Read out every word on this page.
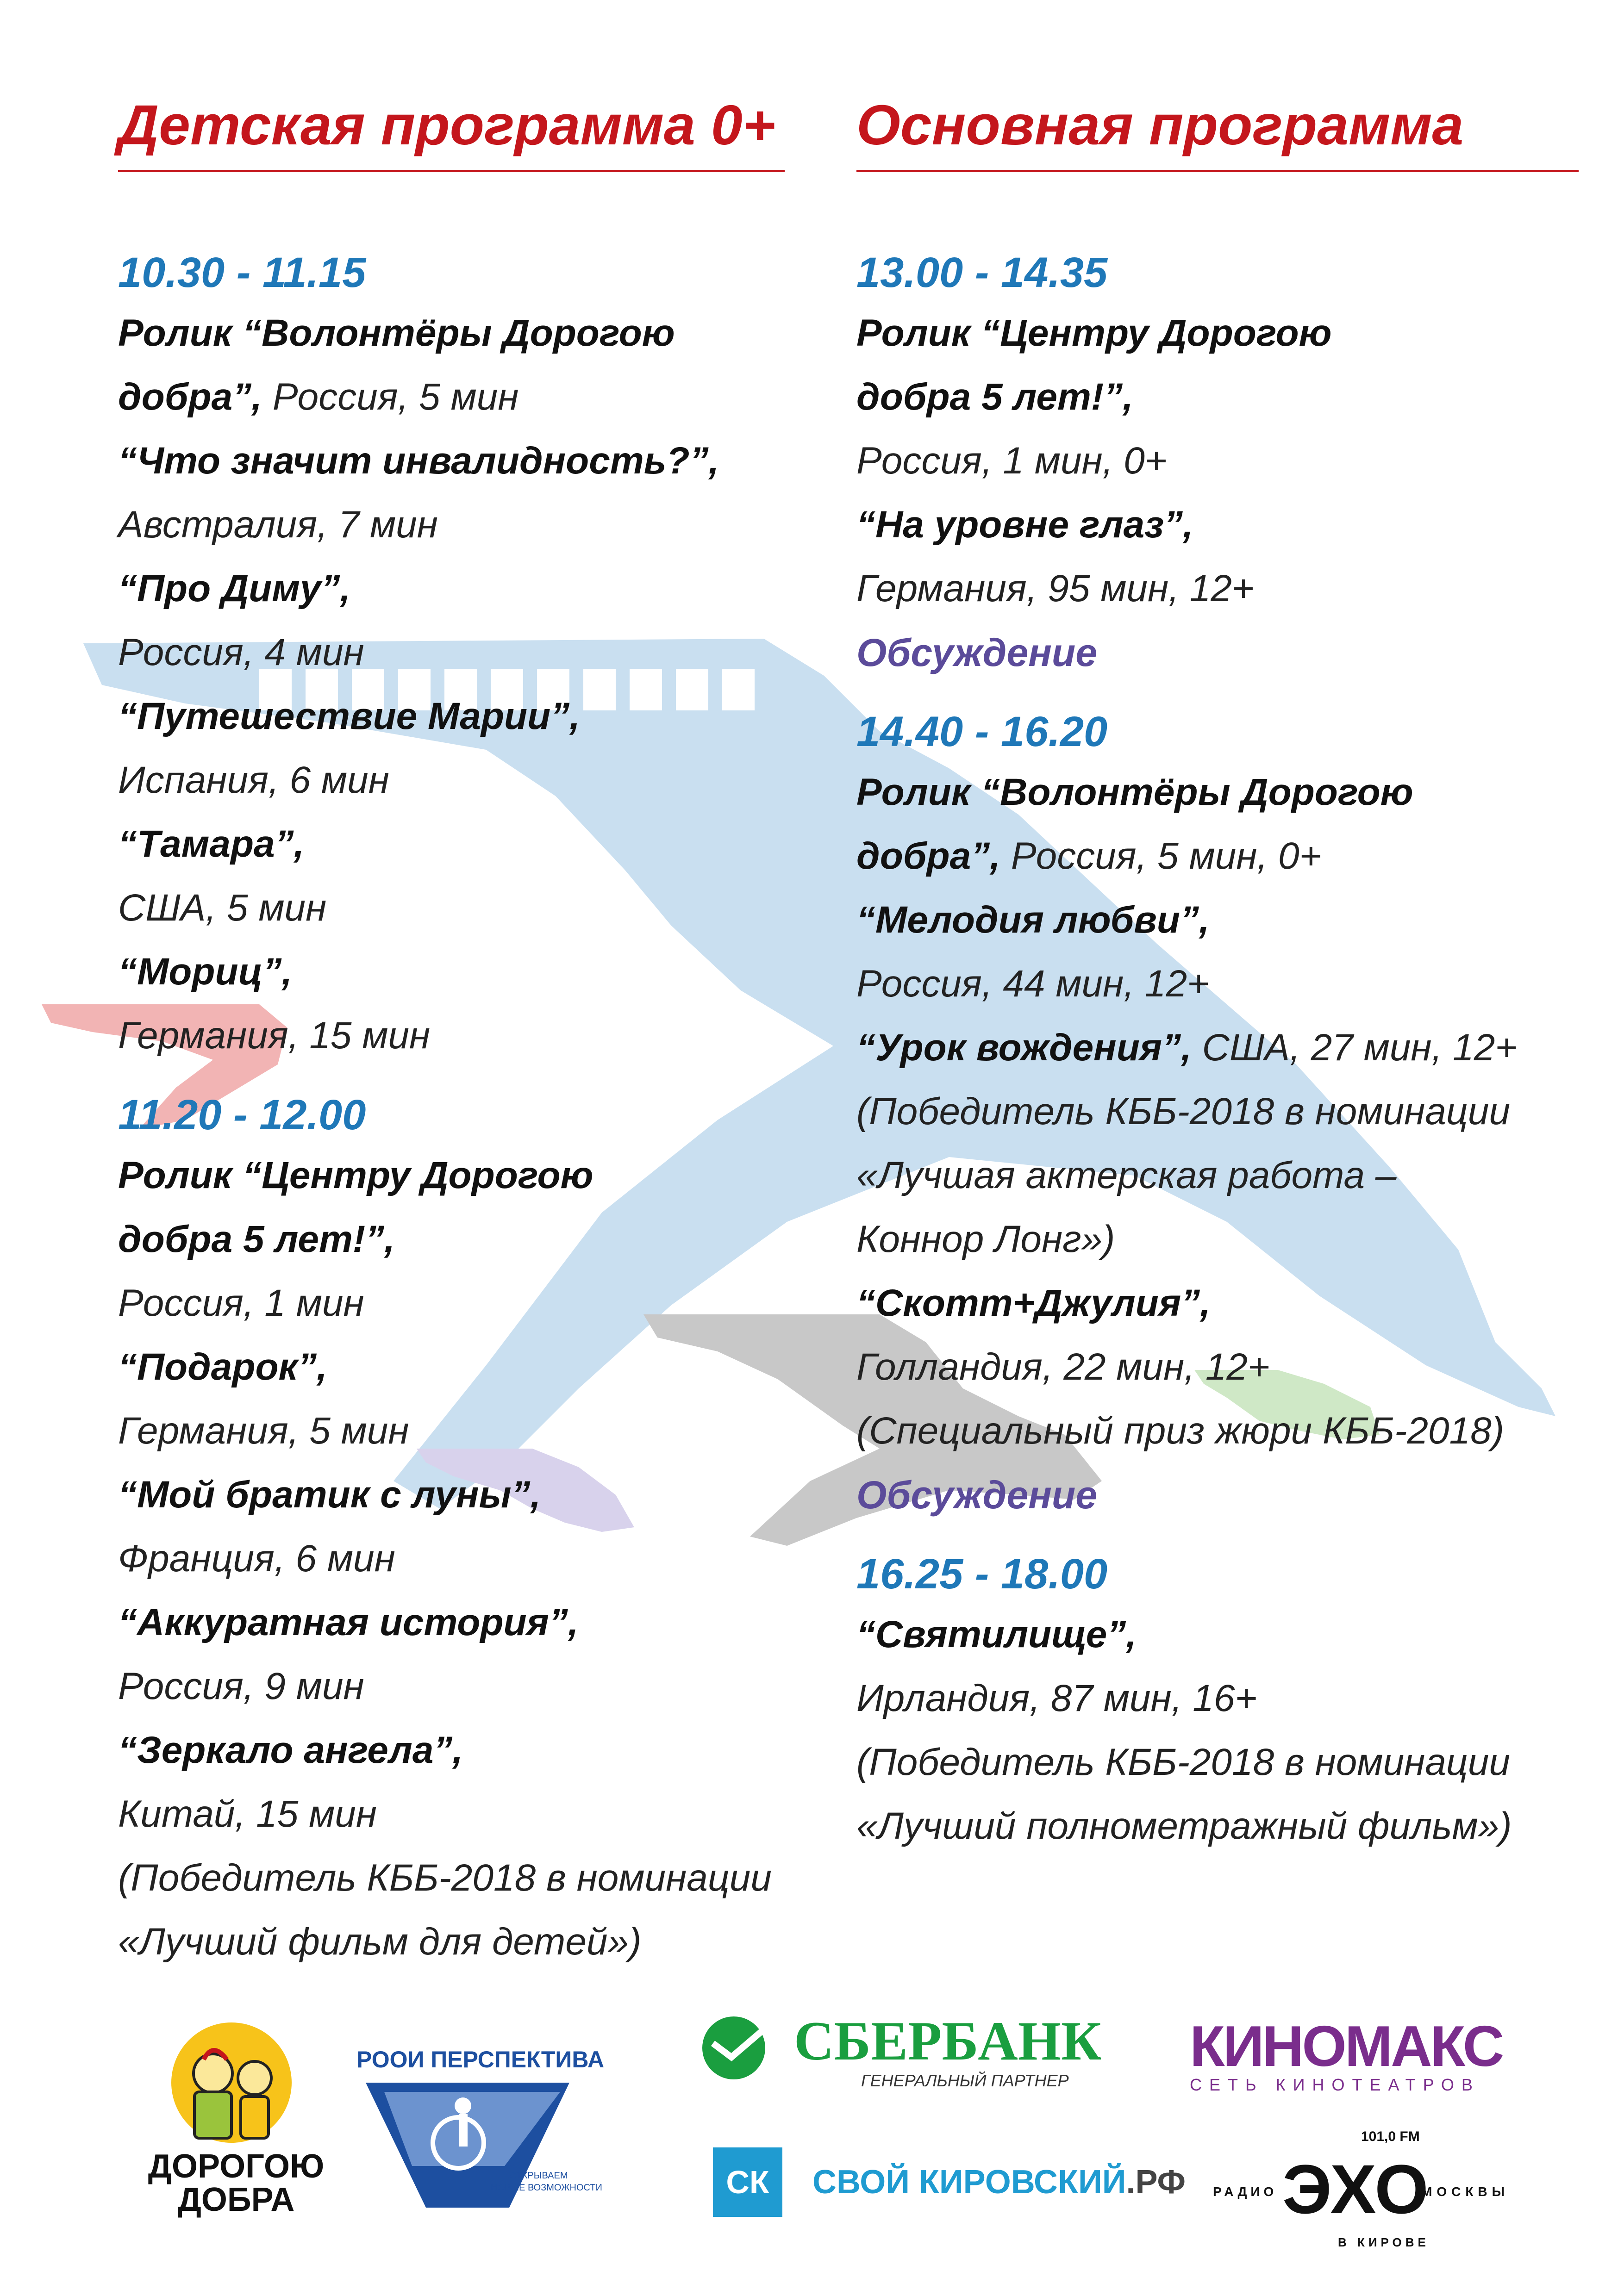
Детская программа 0+
10.30 - 11.15
Ролик “Волонтёры Дорогою
добра”, Россия, 5 мин
“Что значит инвалидность?”,
Австралия, 7 мин
“Про Диму”,
Россия, 4 мин
“Путешествие Марии”,
Испания, 6 мин
“Тамара”,
США, 5 мин
“Мориц”,
Германия, 15 мин
11.20 - 12.00
Ролик “Центру Дорогою
добра 5 лет!”,
Россия, 1 мин
“Подарок”,
Германия, 5 мин
“Мой братик с луны”,
Франция, 6 мин
“Аккуратная история”,
Россия, 9 мин
“Зеркало ангела”,
Китай, 15 мин
(Победитель КББ-2018 в номинации
«Лучший фильм для детей»)
Основная программа
13.00 - 14.35
Ролик “Центру Дорогою
добра 5 лет!”,
Россия, 1 мин, 0+
“На уровне глаз”,
Германия, 95 мин, 12+
Обсуждение
14.40 - 16.20
Ролик “Волонтёры Дорогою
добра”, Россия, 5 мин, 0+
“Мелодия любви”,
Россия, 44 мин, 12+
“Урок вождения”, США, 27 мин, 12+
(Победитель КББ-2018 в номинации
«Лучшая актерская работа –
Коннор Лонг»)
“Скотт+Джулия”,
Голландия, 22 мин, 12+
(Специальный приз жюри КББ-2018)
Обсуждение
16.25 - 18.00
“Святилище”,
Ирландия, 87 мин, 16+
(Победитель КББ-2018 в номинации
«Лучший полнометражный фильм»)
ДОРОГОЮ
ДОБРА
РООИ ПЕРСПЕКТИВА
ОТКРЫВАЕМ
НОВЫЕ ВОЗМОЖНОСТИ
СБЕРБАНК
ГЕНЕРАЛЬНЫЙ ПАРТНЕР
КИНОМАКС
СЕТЬ КИНОТЕАТРОВ
СК	СВОЙ КИРОВСКИЙ.РФ
101,0 FM
РАДИО ЭХО
МОСКВЫ
В КИРОВЕ
